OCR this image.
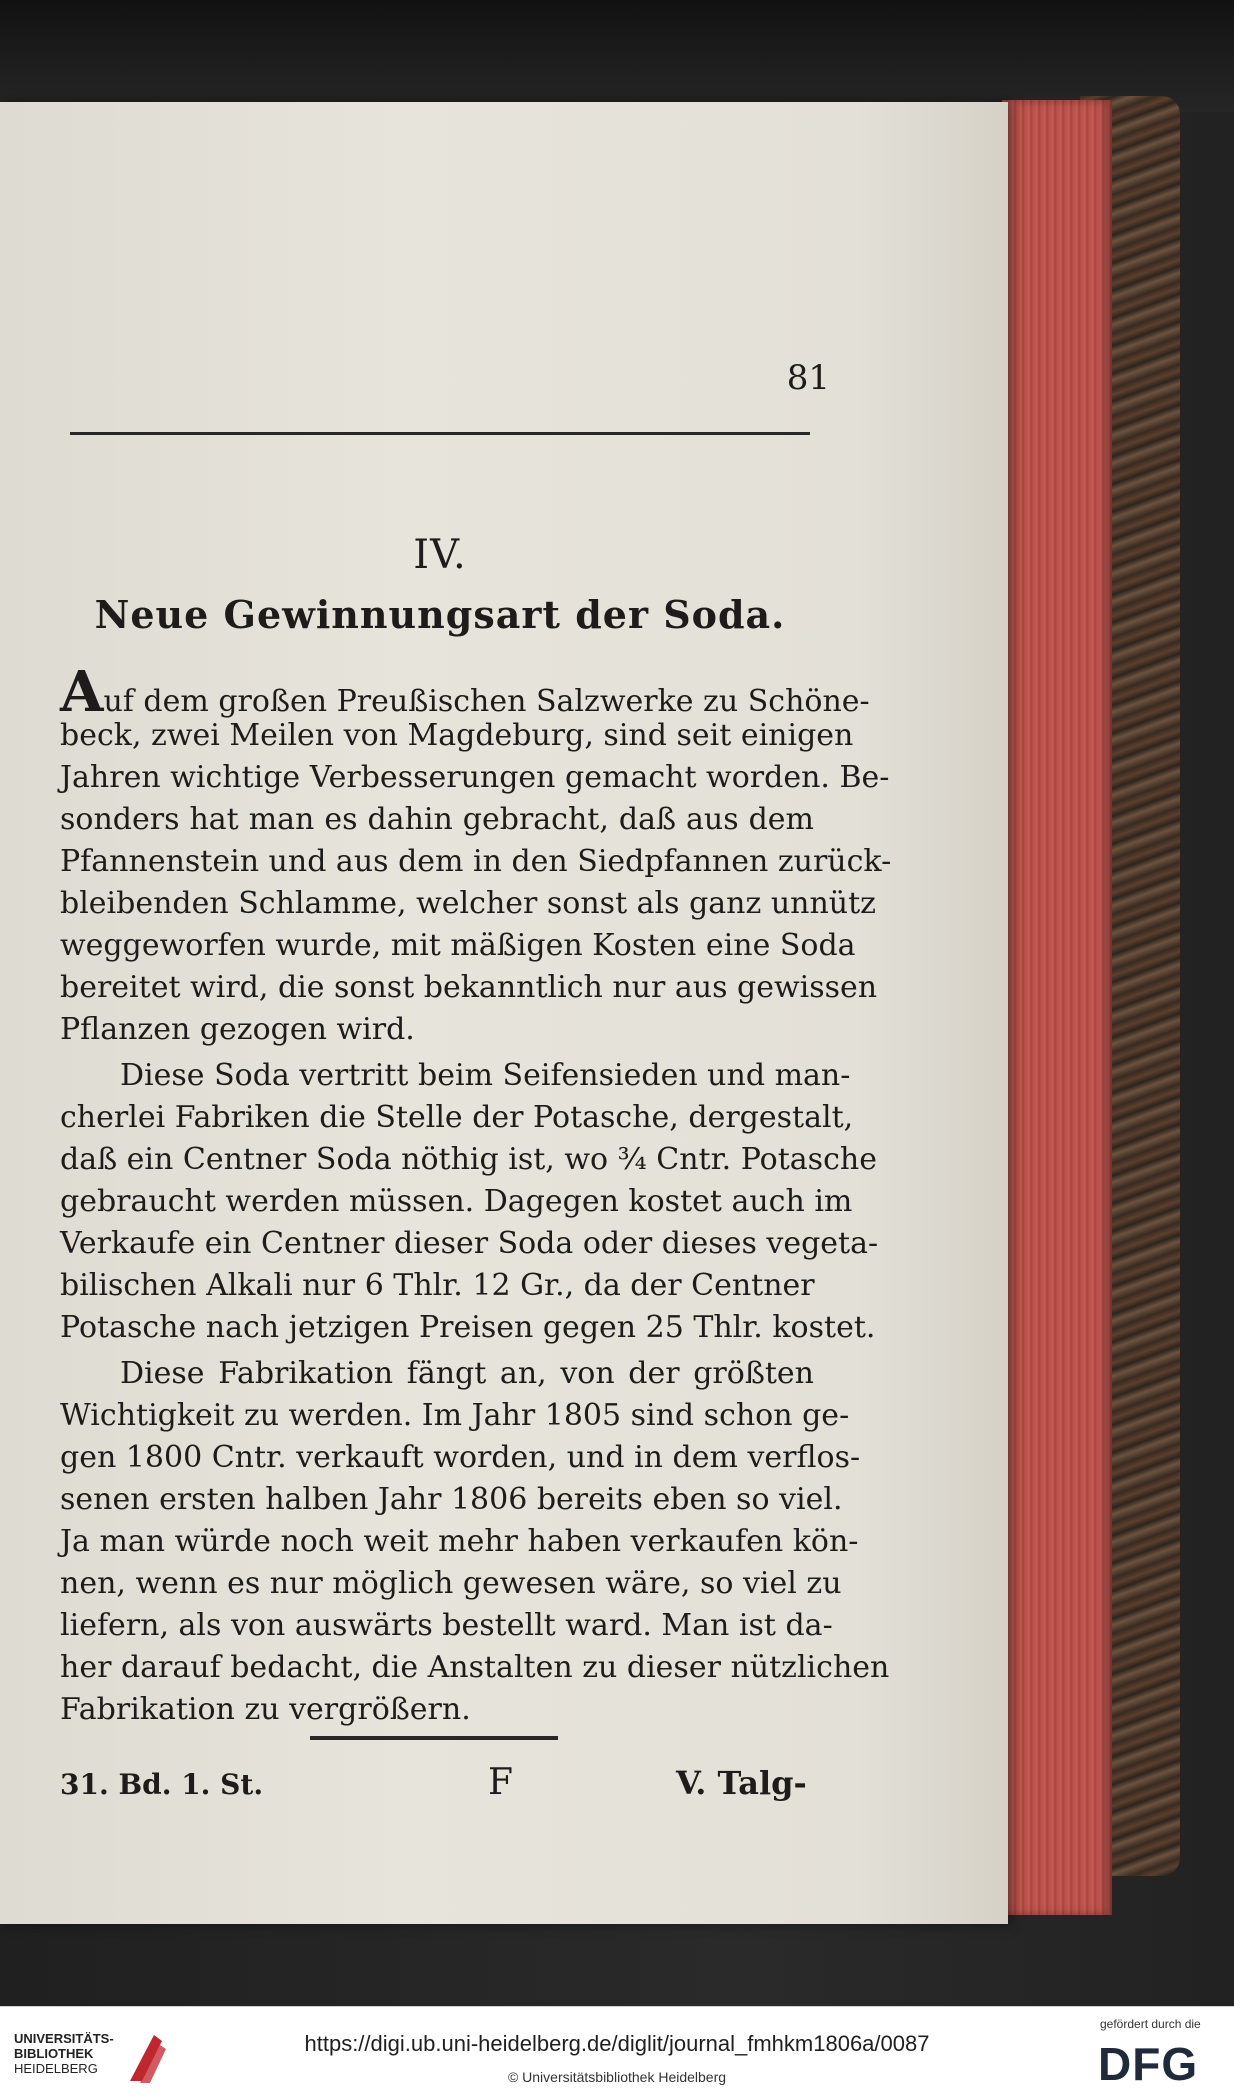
81
IV.
Neue Gewinnungsart der Soda.
Auf dem großen Preußischen Salzwerke zu Schöne-
beck, zwei Meilen von Magdeburg, sind seit einigen
Jahren wichtige Verbesserungen gemacht worden. Be-
sonders hat man es dahin gebracht, daß aus dem
Pfannenstein und aus dem in den Siedpfannen zurück-
bleibenden Schlamme, welcher sonst als ganz unnütz
weggeworfen wurde, mit mäßigen Kosten eine Soda
bereitet wird, die sonst bekanntlich nur aus gewissen
Pflanzen gezogen wird.
Diese Soda vertritt beim Seifensieden und man-
cherlei Fabriken die Stelle der Potasche, dergestalt,
daß ein Centner Soda nöthig ist, wo ¾ Cntr. Potasche
gebraucht werden müssen. Dagegen kostet auch im
Verkaufe ein Centner dieser Soda oder dieses vegeta-
bilischen Alkali nur 6 Thlr. 12 Gr., da der Centner
Potasche nach jetzigen Preisen gegen 25 Thlr. kostet.
Diese Fabrikation fängt an, von der größten
Wichtigkeit zu werden. Im Jahr 1805 sind schon ge-
gen 1800 Cntr. verkauft worden, und in dem verflos-
senen ersten halben Jahr 1806 bereits eben so viel.
Ja man würde noch weit mehr haben verkaufen kön-
nen, wenn es nur möglich gewesen wäre, so viel zu
liefern, als von auswärts bestellt ward. Man ist da-
her darauf bedacht, die Anstalten zu dieser nützlichen
Fabrikation zu vergrößern.
31. Bd. 1. St.	F	V. Talg-
UNIVERSITÄTS-
BIBLIOTHEK
HEIDELBERG
https://digi.ub.uni-heidelberg.de/diglit/journal_fmhkm1806a/0087
© Universitätsbibliothek Heidelberg
gefördert durch die
DFG
